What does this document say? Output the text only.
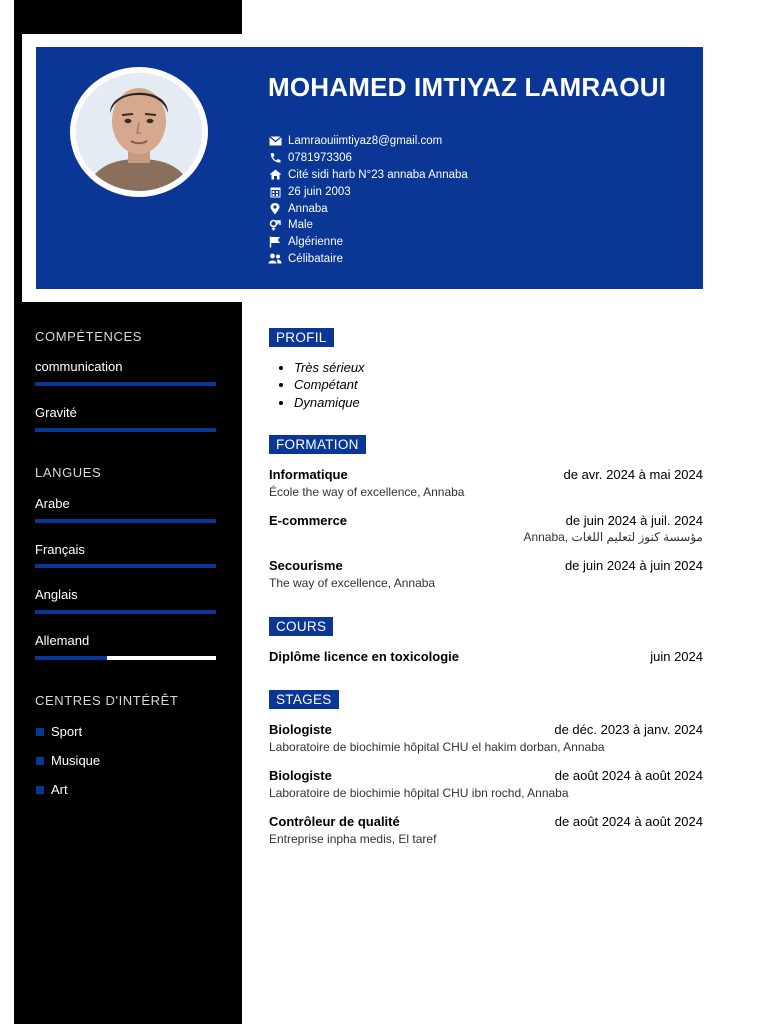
MOHAMED IMTIYAZ LAMRAOUI
Lamraouiimtiyaz8@gmail.com
0781973306
Cité sidi harb N°23 annaba Annaba
26 juin 2003
Annaba
Male
Algérienne
Célibataire
COMPÉTENCES
communication
Gravité
LANGUES
Arabe
Français
Anglais
Allemand
CENTRES D'INTÉRÊT
Sport
Musique
Art
PROFIL
• Très sérieux
• Compétant
• Dynamique
FORMATION
Informatique	de avr. 2024 à mai 2024
École the way of excellence, Annaba
E-commerce	de juin 2024 à juil. 2024
Annaba, مؤسسة كنوز لتعليم اللغات
Secourisme	de juin 2024 à juin 2024
The way of excellence, Annaba
COURS
Diplôme licence en toxicologie	juin 2024
STAGES
Biologiste	de déc. 2023 à janv. 2024
Laboratoire de biochimie hôpital CHU el hakim dorban, Annaba
Biologiste	de août 2024 à août 2024
Laboratoire de biochimie hôpital CHU ibn rochd, Annaba
Contrôleur de qualité	de août 2024 à août 2024
Entreprise inpha medis, El taref
